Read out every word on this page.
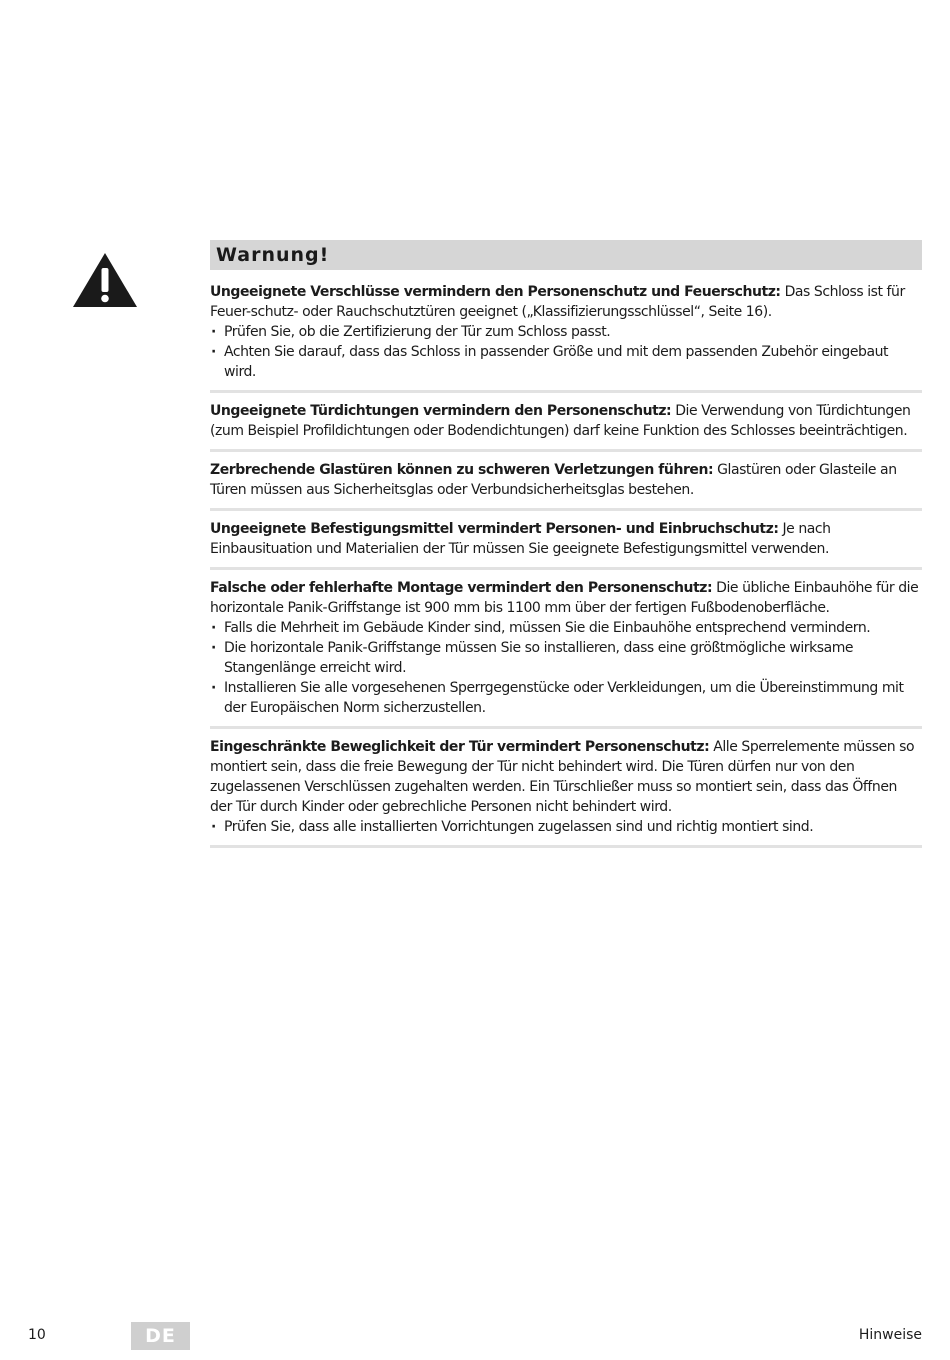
Warnung!

Ungeeignete Verschlüsse vermindern den Personenschutz und Feuerschutz: Das Schloss ist für Feuer-schutz- oder Rauchschutztüren geeignet („Klassifizierungsschlüssel“, Seite 16).

· Prüfen Sie, ob die Zertifizierung der Tür zum Schloss passt.
· Achten Sie darauf, dass das Schloss in passender Größe und mit dem passenden Zubehör eingebaut wird.

Ungeeignete Türdichtungen vermindern den Personenschutz: Die Verwendung von Türdichtungen (zum Beispiel Profildichtungen oder Bodendichtungen) darf keine Funktion des Schlosses beeinträchtigen.

Zerbrechende Glastüren können zu schweren Verletzungen führen: Glastüren oder Glasteile an Türen müssen aus Sicherheitsglas oder Verbundsicherheitsglas bestehen.

Ungeeignete Befestigungsmittel vermindert Personen- und Einbruchschutz: Je nach Einbausituation und Materialien der Tür müssen Sie geeignete Befestigungsmittel verwenden.

Falsche oder fehlerhafte Montage vermindert den Personenschutz: Die übliche Einbauhöhe für die horizontale Panik-Griffstange ist 900 mm bis 1100 mm über der fertigen Fußbodenoberfläche.

· Falls die Mehrheit im Gebäude Kinder sind, müssen Sie die Einbauhöhe entsprechend vermindern.
· Die horizontale Panik-Griffstange müssen Sie so installieren, dass eine größtmögliche wirksame Stangenlänge erreicht wird.
· Installieren Sie alle vorgesehenen Sperrgegenstücke oder Verkleidungen, um die Übereinstimmung mit der Europäischen Norm sicherzustellen.

Eingeschränkte Beweglichkeit der Tür vermindert Personenschutz: Alle Sperrelemente müssen so montiert sein, dass die freie Bewegung der Tür nicht behindert wird. Die Türen dürfen nur von den zugelassenen Verschlüssen zugehalten werden. Ein Türschließer muss so montiert sein, dass das Öffnen der Tür durch Kinder oder gebrechliche Personen nicht behindert wird.

· Prüfen Sie, dass alle installierten Vorrichtungen zugelassen sind und richtig montiert sind.
10	DE	Hinweise
